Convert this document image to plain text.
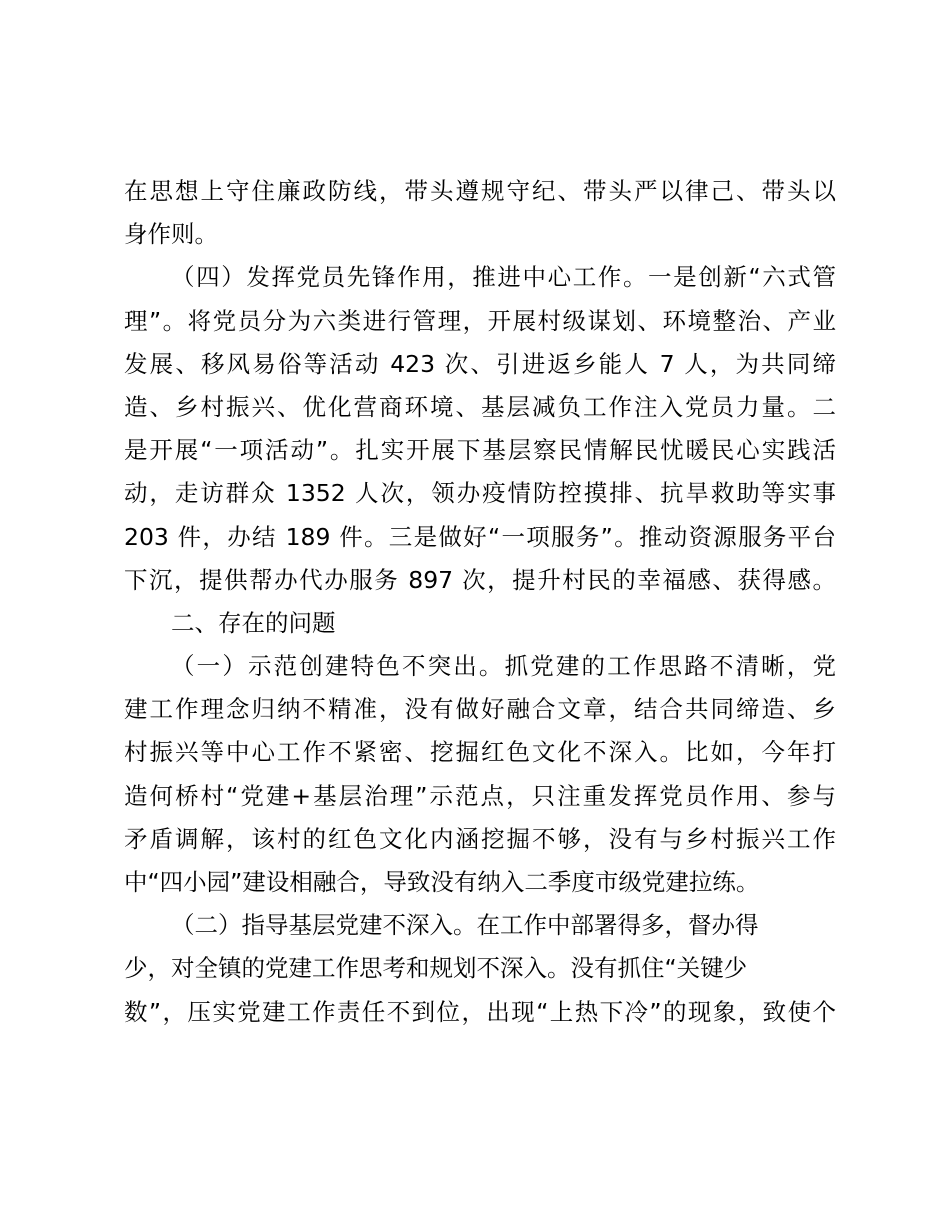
在思想上守住廉政防线，带头遵规守纪、带头严以律己、带头以
身作则。
（四）发挥党员先锋作用，推进中心工作。一是创新“六式管
理”。将党员分为六类进行管理，开展村级谋划、环境整治、产业
发展、移风易俗等活动 423 次、引进返乡能人 7 人，为共同缔
造、乡村振兴、优化营商环境、基层减负工作注入党员力量。二
是开展“一项活动”。扎实开展下基层察民情解民忧暖民心实践活
动，走访群众 1352 人次，领办疫情防控摸排、抗旱救助等实事
203 件，办结 189 件。三是做好“一项服务”。推动资源服务平台
下沉，提供帮办代办服务 897 次，提升村民的幸福感、获得感。
二、存在的问题
（一）示范创建特色不突出。抓党建的工作思路不清晰，党
建工作理念归纳不精准，没有做好融合文章，结合共同缔造、乡
村振兴等中心工作不紧密、挖掘红色文化不深入。比如，今年打
造何桥村“党建+基层治理”示范点，只注重发挥党员作用、参与
矛盾调解，该村的红色文化内涵挖掘不够，没有与乡村振兴工作
中“四小园”建设相融合，导致没有纳入二季度市级党建拉练。
（二）指导基层党建不深入。在工作中部署得多，督办得
少，对全镇的党建工作思考和规划不深入。没有抓住“关键少
数”，压实党建工作责任不到位，出现“上热下冷”的现象，致使个
